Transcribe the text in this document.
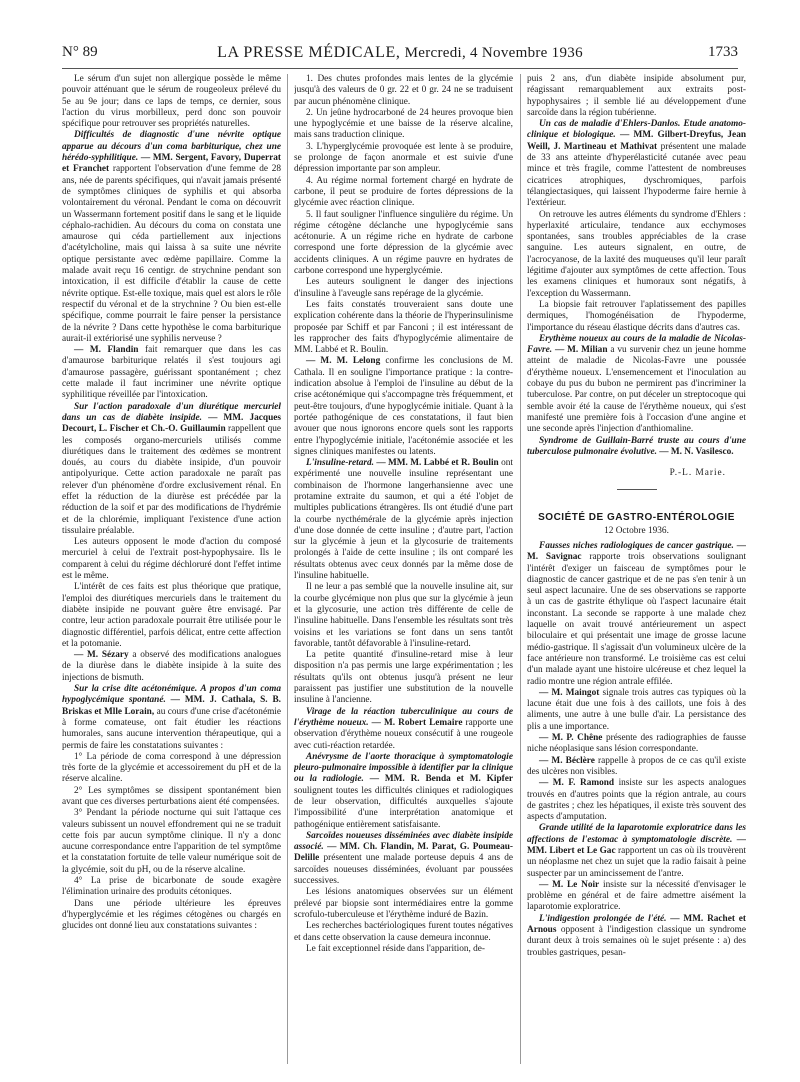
N° 89	LA PRESSE MÉDICALE, Mercredi, 4 Novembre 1936	1733

Le sérum d'un sujet non allergique possède le même pouvoir atténuant que le sérum de rougeoleux prélevé du 5e au 9e jour; dans ce laps de temps, ce dernier, sous l'action du virus morbilleux, perd donc son pouvoir spécifique pour retrouver ses propriétés naturelles.

Difficultés de diagnostic d'une névrite optique apparue au décours d'un coma barbiturique, chez une hérédo-syphilitique. — MM. Sergent, Favory, Duperrat et Franchet rapportent l'observation d'une femme de 28 ans, née de parents spécifiques, qui n'avait jamais présenté de symptômes cliniques de syphilis et qui absorba volontairement du véronal. Pendant le coma on découvrit un Wassermann fortement positif dans le sang et le liquide céphalo-rachidien. Au décours du coma on constata une amaurose qui céda partiellement aux injections d'acétylcholine, mais qui laissa à sa suite une névrite optique persistante avec œdème papillaire. Comme la malade avait reçu 16 centigr. de strychnine pendant son intoxication, il est difficile d'établir la cause de cette névrite optique. Est-elle toxique, mais quel est alors le rôle respectif du véronal et de la strychnine ? Ou bien est-elle spécifique, comme pourrait le faire penser la persistance de la névrite ? Dans cette hypothèse le coma barbiturique aurait-il extériorisé une syphilis nerveuse ?

— M. Flandin fait remarquer que dans les cas d'amaurose barbiturique relatés il s'est toujours agi d'amaurose passagère, guérissant spontanément ; chez cette malade il faut incriminer une névrite optique syphilitique réveillée par l'intoxication.

Sur l'action paradoxale d'un diurétique mercuriel dans un cas de diabète insipide. — MM. Jacques Decourt, L. Fischer et Ch.-O. Guillaumin rappellent que les composés organo-mercuriels utilisés comme diurétiques dans le traitement des œdèmes se montrent doués, au cours du diabète insipide, d'un pouvoir antipolyurique. Cette action paradoxale ne paraît pas relever d'un phénomène d'ordre exclusivement rénal. En effet la réduction de la diurèse est précédée par la réduction de la soif et par des modifications de l'hydrémie et de la chlorémie, impliquant l'existence d'une action tissulaire préalable.

Les auteurs opposent le mode d'action du composé mercuriel à celui de l'extrait post-hypophysaire. Ils le comparent à celui du régime déchloruré dont l'effet intime est le même.

L'intérêt de ces faits est plus théorique que pratique, l'emploi des diurétiques mercuriels dans le traitement du diabète insipide ne pouvant guère être envisagé. Par contre, leur action paradoxale pourrait être utilisée pour le diagnostic différentiel, parfois délicat, entre cette affection et la potomanie.

— M. Sézary a observé des modifications analogues de la diurèse dans le diabète insipide à la suite des injections de bismuth.

Sur la crise dite acétonémique. A propos d'un coma hypoglycémique spontané. — MM. J. Cathala, S. B. Briskas et Mlle Lorain, au cours d'une crise d'acétonémie à forme comateuse, ont fait étudier les réactions humorales, sans aucune intervention thérapeutique, qui a permis de faire les constatations suivantes :

1° La période de coma correspond à une dépression très forte de la glycémie et accessoirement du pH et de la réserve alcaline.

2° Les symptômes se dissipent spontanément bien avant que ces diverses perturbations aient été compensées.

3° Pendant la période nocturne qui suit l'attaque ces valeurs subissent un nouvel effondrement qui ne se traduit cette fois par aucun symptôme clinique. Il n'y a donc aucune correspondance entre l'apparition de tel symptôme et la constatation fortuite de telle valeur numérique soit de la glycémie, soit du pH, ou de la réserve alcaline.

4° La prise de bicarbonate de soude exagère l'élimination urinaire des produits cétoniques.

Dans une période ultérieure les épreuves d'hyperglycémie et les régimes cétogènes ou chargés en glucides ont donné lieu aux constatations suivantes :

1. Des chutes profondes mais lentes de la glycémie jusqu'à des valeurs de 0 gr. 22 et 0 gr. 24 ne se traduisent par aucun phénomène clinique.

2. Un jeûne hydrocarboné de 24 heures provoque bien une hypoglycémie et une baisse de la réserve alcaline, mais sans traduction clinique.

3. L'hyperglycémie provoquée est lente à se produire, se prolonge de façon anormale et est suivie d'une dépression importante par son ampleur.

4. Au régime normal fortement chargé en hydrate de carbone, il peut se produire de fortes dépressions de la glycémie avec réaction clinique.

5. Il faut souligner l'influence singulière du régime. Un régime cétogène déclanche une hypoglycémie sans acétonurie. A un régime riche en hydrate de carbone correspond une forte dépression de la glycémie avec accidents cliniques. A un régime pauvre en hydrates de carbone correspond une hyperglycémie.

Les auteurs soulignent le danger des injections d'insuline à l'aveugle sans repérage de la glycémie.

Les faits constatés trouveraient sans doute une explication cohérente dans la théorie de l'hyperinsulinisme proposée par Schiff et par Fanconi ; il est intéressant de les rapprocher des faits d'hypoglycémie alimentaire de MM. Labbé et R. Boulin.

— M. M. Lelong confirme les conclusions de M. Cathala. Il en souligne l'importance pratique : la contre-indication absolue à l'emploi de l'insuline au début de la crise acétonémique qui s'accompagne très fréquemment, et peut-être toujours, d'une hypoglycémie initiale. Quant à la portée pathogénique de ces constatations, il faut bien avouer que nous ignorons encore quels sont les rapports entre l'hypoglycémie initiale, l'acétonémie associée et les signes cliniques manifestes ou latents.

L'insuline-retard. — MM. M. Labbé et R. Boulin ont expérimenté une nouvelle insuline représentant une combinaison de l'hormone langerhansienne avec une protamine extraite du saumon, et qui a été l'objet de multiples publications étrangères. Ils ont étudié d'une part la courbe nycthémérale de la glycémie après injection d'une dose donnée de cette insuline ; d'autre part, l'action sur la glycémie à jeun et la glycosurie de traitements prolongés à l'aide de cette insuline ; ils ont comparé les résultats obtenus avec ceux donnés par la même dose de l'insuline habituelle.

Il ne leur a pas semblé que la nouvelle insuline ait, sur la courbe glycémique non plus que sur la glycémie à jeun et la glycosurie, une action très différente de celle de l'insuline habituelle. Dans l'ensemble les résultats sont très voisins et les variations se font dans un sens tantôt favorable, tantôt défavorable à l'insuline-retard.

La petite quantité d'insuline-retard mise à leur disposition n'a pas permis une large expérimentation ; les résultats qu'ils ont obtenus jusqu'à présent ne leur paraissent pas justifier une substitution de la nouvelle insuline à l'ancienne.

Virage de la réaction tuberculinique au cours de l'érythème noueux. — M. Robert Lemaire rapporte une observation d'érythème noueux consécutif à une rougeole avec cuti-réaction retardée.

Anévrysme de l'aorte thoracique à symptomatologie pleuro-pulmonaire impossible à identifier par la clinique ou la radiologie. — MM. R. Benda et M. Kipfer soulignent toutes les difficultés cliniques et radiologiques de leur observation, difficultés auxquelles s'ajoute l'impossibilité d'une interprétation anatomique et pathogénique entièrement satisfaisante.

Sarcoïdes noueuses disséminées avec diabète insipide associé. — MM. Ch. Flandin, M. Parat, G. Poumeau-Delille présentent une malade porteuse depuis 4 ans de sarcoïdes noueuses disséminées, évoluant par poussées successives.

Les lésions anatomiques observées sur un élément prélevé par biopsie sont intermédiaires entre la gomme scrofulo-tuberculeuse et l'érythème induré de Bazin.

Les recherches bactériologiques furent toutes négatives et dans cette observation la cause demeura inconnue.

Le fait exceptionnel réside dans l'apparition, de-

puis 2 ans, d'un diabète insipide absolument pur, réagissant remarquablement aux extraits post-hypophysaires ; il semble lié au développement d'une sarcoïde dans la région tubérienne.

Un cas de maladie d'Ehlers-Danlos. Etude anatomo-clinique et biologique. — MM. Gilbert-Dreyfus, Jean Weill, J. Martineau et Mathivat présentent une malade de 33 ans atteinte d'hyperélasticité cutanée avec peau mince et très fragile, comme l'attestent de nombreuses cicatrices atrophiques, dyschromiques, parfois télangiectasiques, qui laissent l'hypoderme faire hernie à l'extérieur.

On retrouve les autres éléments du syndrome d'Ehlers : hyperlaxité articulaire, tendance aux ecchymoses spontanées, sans troubles appréciables de la crase sanguine. Les auteurs signalent, en outre, de l'acrocyanose, de la laxité des muqueuses qu'il leur paraît légitime d'ajouter aux symptômes de cette affection. Tous les examens cliniques et humoraux sont négatifs, à l'exception du Wassermann.

La biopsie fait retrouver l'aplatissement des papilles dermiques, l'homogénéisation de l'hypoderme, l'importance du réseau élastique décrits dans d'autres cas.

Erythème noueux au cours de la maladie de Nicolas-Favre. — M. Milian a vu survenir chez un jeune homme atteint de maladie de Nicolas-Favre une poussée d'érythème noueux. L'ensemencement et l'inoculation au cobaye du pus du bubon ne permirent pas d'incriminer la tuberculose. Par contre, on put déceler un streptocoque qui semble avoir été la cause de l'érythème noueux, qui s'est manifesté une première fois à l'occasion d'une angine et une seconde après l'injection d'anthiomaline.

Syndrome de Guillain-Barré truste au cours d'une tuberculose pulmonaire évolutive. — M. N. Vasilesco.

P.-L. Marie.
SOCIÉTÉ DE GASTRO-ENTÉROLOGIE
12 Octobre 1936.

Fausses niches radiologiques de cancer gastrique. — M. Savignac rapporte trois observations soulignant l'intérêt d'exiger un faisceau de symptômes pour le diagnostic de cancer gastrique et de ne pas s'en tenir à un seul aspect lacunaire. Une de ses observations se rapporte à un cas de gastrite éthylique où l'aspect lacunaire était inconstant. La seconde se rapporte à une malade chez laquelle on avait trouvé antérieurement un aspect biloculaire et qui présentait une image de grosse lacune médio-gastrique. Il s'agissait d'un volumineux ulcère de la face antérieure non transformé. Le troisième cas est celui d'un malade ayant une histoire ulcéreuse et chez lequel la radio montre une région antrale effilée.

— M. Maingot signale trois autres cas typiques où la lacune était due une fois à des caillots, une fois à des aliments, une autre à une bulle d'air. La persistance des plis a une importance.

— M. P. Chêne présente des radiographies de fausse niche néoplasique sans lésion correspondante.

— M. Béclère rappelle à propos de ce cas qu'il existe des ulcères non visibles.

— M. F. Ramond insiste sur les aspects analogues trouvés en d'autres points que la région antrale, au cours de gastrites ; chez les hépatiques, il existe très souvent des aspects d'amputation.

Grande utilité de la laparotomie exploratrice dans les affections de l'estomac à symptomatologie discrète. — MM. Libert et Le Gac rapportent un cas où ils trouvèrent un néoplasme net chez un sujet que la radio faisait à peine suspecter par un amincissement de l'antre.

— M. Le Noir insiste sur la nécessité d'envisager le problème en général et de faire admettre aisément la laparotomie exploratrice.

L'indigestion prolongée de l'été. — MM. Rachet et Arnous opposent à l'indigestion classique un syndrome durant deux à trois semaines où le sujet présente : a) des troubles gastriques, pesan-
